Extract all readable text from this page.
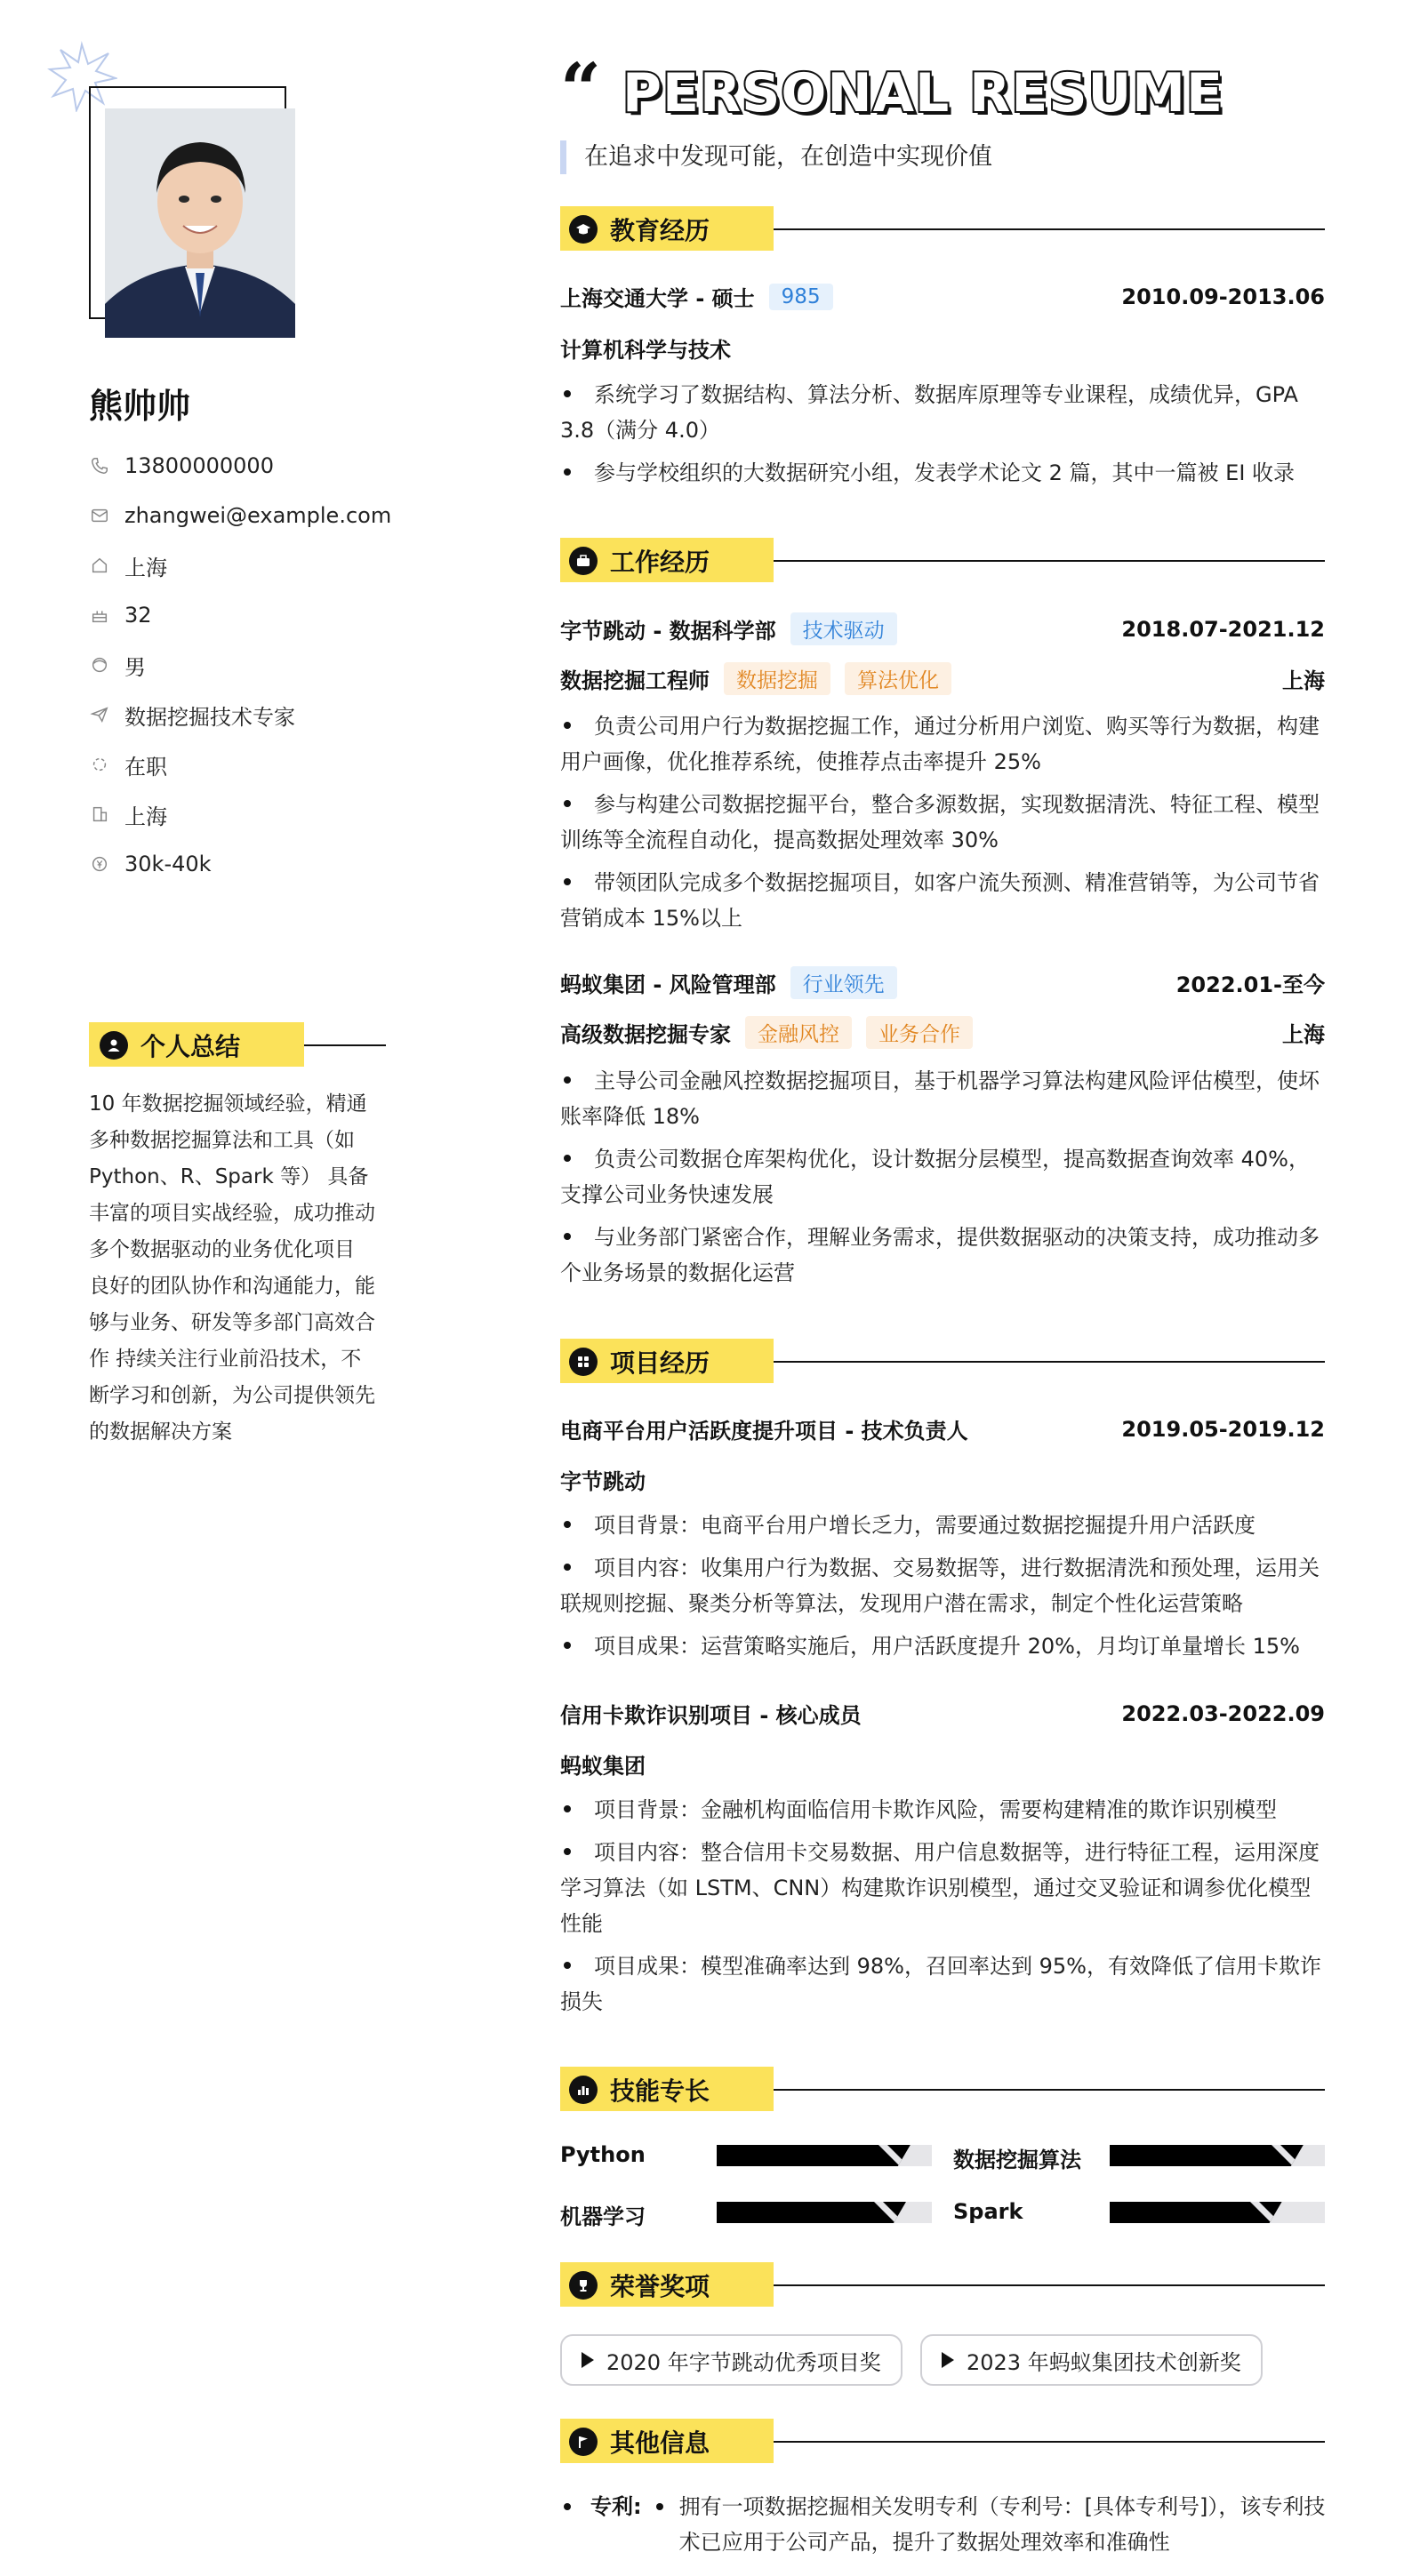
熊帅帅
13800000000
zhangwei@example.com
上海
32
男
数据挖掘技术专家
在职
上海
30k-40k
个人总结
10 年数据挖掘领域经验，精通多种数据挖掘算法和工具（如 Python、R、Spark 等） 具备丰富的项目实战经验，成功推动多个数据驱动的业务优化项目 良好的团队协作和沟通能力，能够与业务、研发等多部门高效合作 持续关注行业前沿技术，不断学习和创新，为公司提供领先的数据解决方案
“ PERSONAL RESUME
在追求中发现可能，在创造中实现价值
教育经历
上海交通大学 - 硕士	985	2010.09-2013.06
计算机科学与技术
系统学习了数据结构、算法分析、数据库原理等专业课程，成绩优异，GPA 3.8（满分 4.0）
参与学校组织的大数据研究小组，发表学术论文 2 篇，其中一篇被 EI 收录
工作经历
字节跳动 - 数据科学部	技术驱动	2018.07-2021.12
数据挖掘工程师	数据挖掘	算法优化	上海
负责公司用户行为数据挖掘工作，通过分析用户浏览、购买等行为数据，构建用户画像，优化推荐系统，使推荐点击率提升 25%
参与构建公司数据挖掘平台，整合多源数据，实现数据清洗、特征工程、模型训练等全流程自动化，提高数据处理效率 30%
带领团队完成多个数据挖掘项目，如客户流失预测、精准营销等，为公司节省营销成本 15%以上
蚂蚁集团 - 风险管理部	行业领先	2022.01-至今
高级数据挖掘专家	金融风控	业务合作	上海
主导公司金融风控数据挖掘项目，基于机器学习算法构建风险评估模型，使坏账率降低 18%
负责公司数据仓库架构优化，设计数据分层模型，提高数据查询效率 40%，支撑公司业务快速发展
与业务部门紧密合作，理解业务需求，提供数据驱动的决策支持，成功推动多个业务场景的数据化运营
项目经历
电商平台用户活跃度提升项目 - 技术负责人	2019.05-2019.12
字节跳动
项目背景：电商平台用户增长乏力，需要通过数据挖掘提升用户活跃度
项目内容：收集用户行为数据、交易数据等，进行数据清洗和预处理，运用关联规则挖掘、聚类分析等算法，发现用户潜在需求，制定个性化运营策略
项目成果：运营策略实施后，用户活跃度提升 20%，月均订单量增长 15%
信用卡欺诈识别项目 - 核心成员	2022.03-2022.09
蚂蚁集团
项目背景：金融机构面临信用卡欺诈风险，需要构建精准的欺诈识别模型
项目内容：整合信用卡交易数据、用户信息数据等，进行特征工程，运用深度学习算法（如 LSTM、CNN）构建欺诈识别模型，通过交叉验证和调参优化模型性能
项目成果：模型准确率达到 98%，召回率达到 95%，有效降低了信用卡欺诈损失
技能专长
Python	数据挖掘算法
机器学习	Spark
荣誉奖项
2020 年字节跳动优秀项目奖	2023 年蚂蚁集团技术创新奖
其他信息
专利: 拥有一项数据挖掘相关发明专利（专利号：[具体专利号]），该专利技术已应用于公司产品，提升了数据处理效率和准确性
